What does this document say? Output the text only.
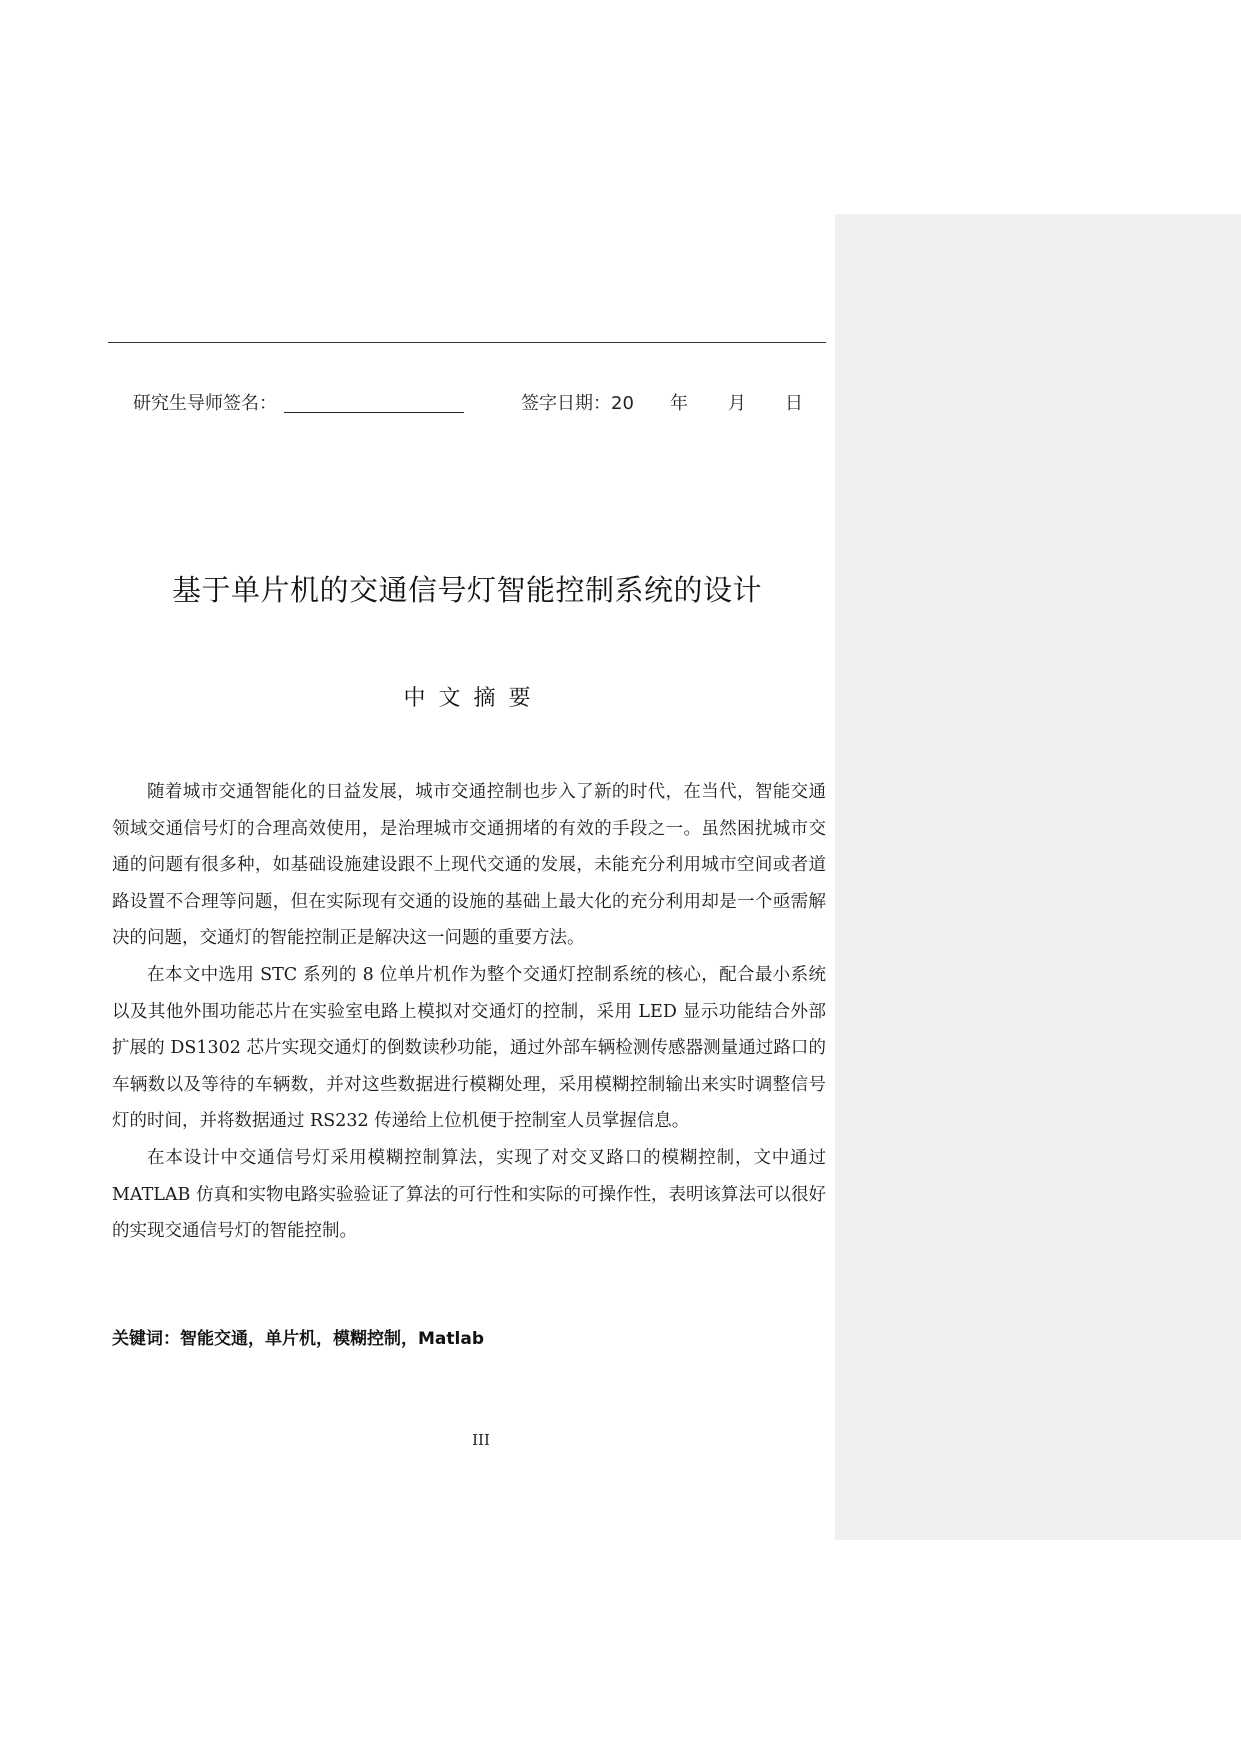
研究生导师签名：	签字日期：20 年 月 日
基于单片机的交通信号灯智能控制系统的设计
中 文 摘 要

随着城市交通智能化的日益发展，城市交通控制也步入了新的时代，在当代，智能交通领域交通信号灯的合理高效使用，是治理城市交通拥堵的有效的手段之一。虽然困扰城市交通的问题有很多种，如基础设施建设跟不上现代交通的发展，未能充分利用城市空间或者道路设置不合理等问题，但在实际现有交通的设施的基础上最大化的充分利用却是一个亟需解决的问题，交通灯的智能控制正是解决这一问题的重要方法。

在本文中选用 STC 系列的 8 位单片机作为整个交通灯控制系统的核心，配合最小系统以及其他外围功能芯片在实验室电路上模拟对交通灯的控制，采用 LED 显示功能结合外部扩展的 DS1302 芯片实现交通灯的倒数读秒功能，通过外部车辆检测传感器测量通过路口的车辆数以及等待的车辆数，并对这些数据进行模糊处理，采用模糊控制输出来实时调整信号灯的时间，并将数据通过 RS232 传递给上位机便于控制室人员掌握信息。

在本设计中交通信号灯采用模糊控制算法，实现了对交叉路口的模糊控制，文中通过 MATLAB 仿真和实物电路实验验证了算法的可行性和实际的可操作性，表明该算法可以很好的实现交通信号灯的智能控制。

关键词：智能交通，单片机，模糊控制，Matlab
III
